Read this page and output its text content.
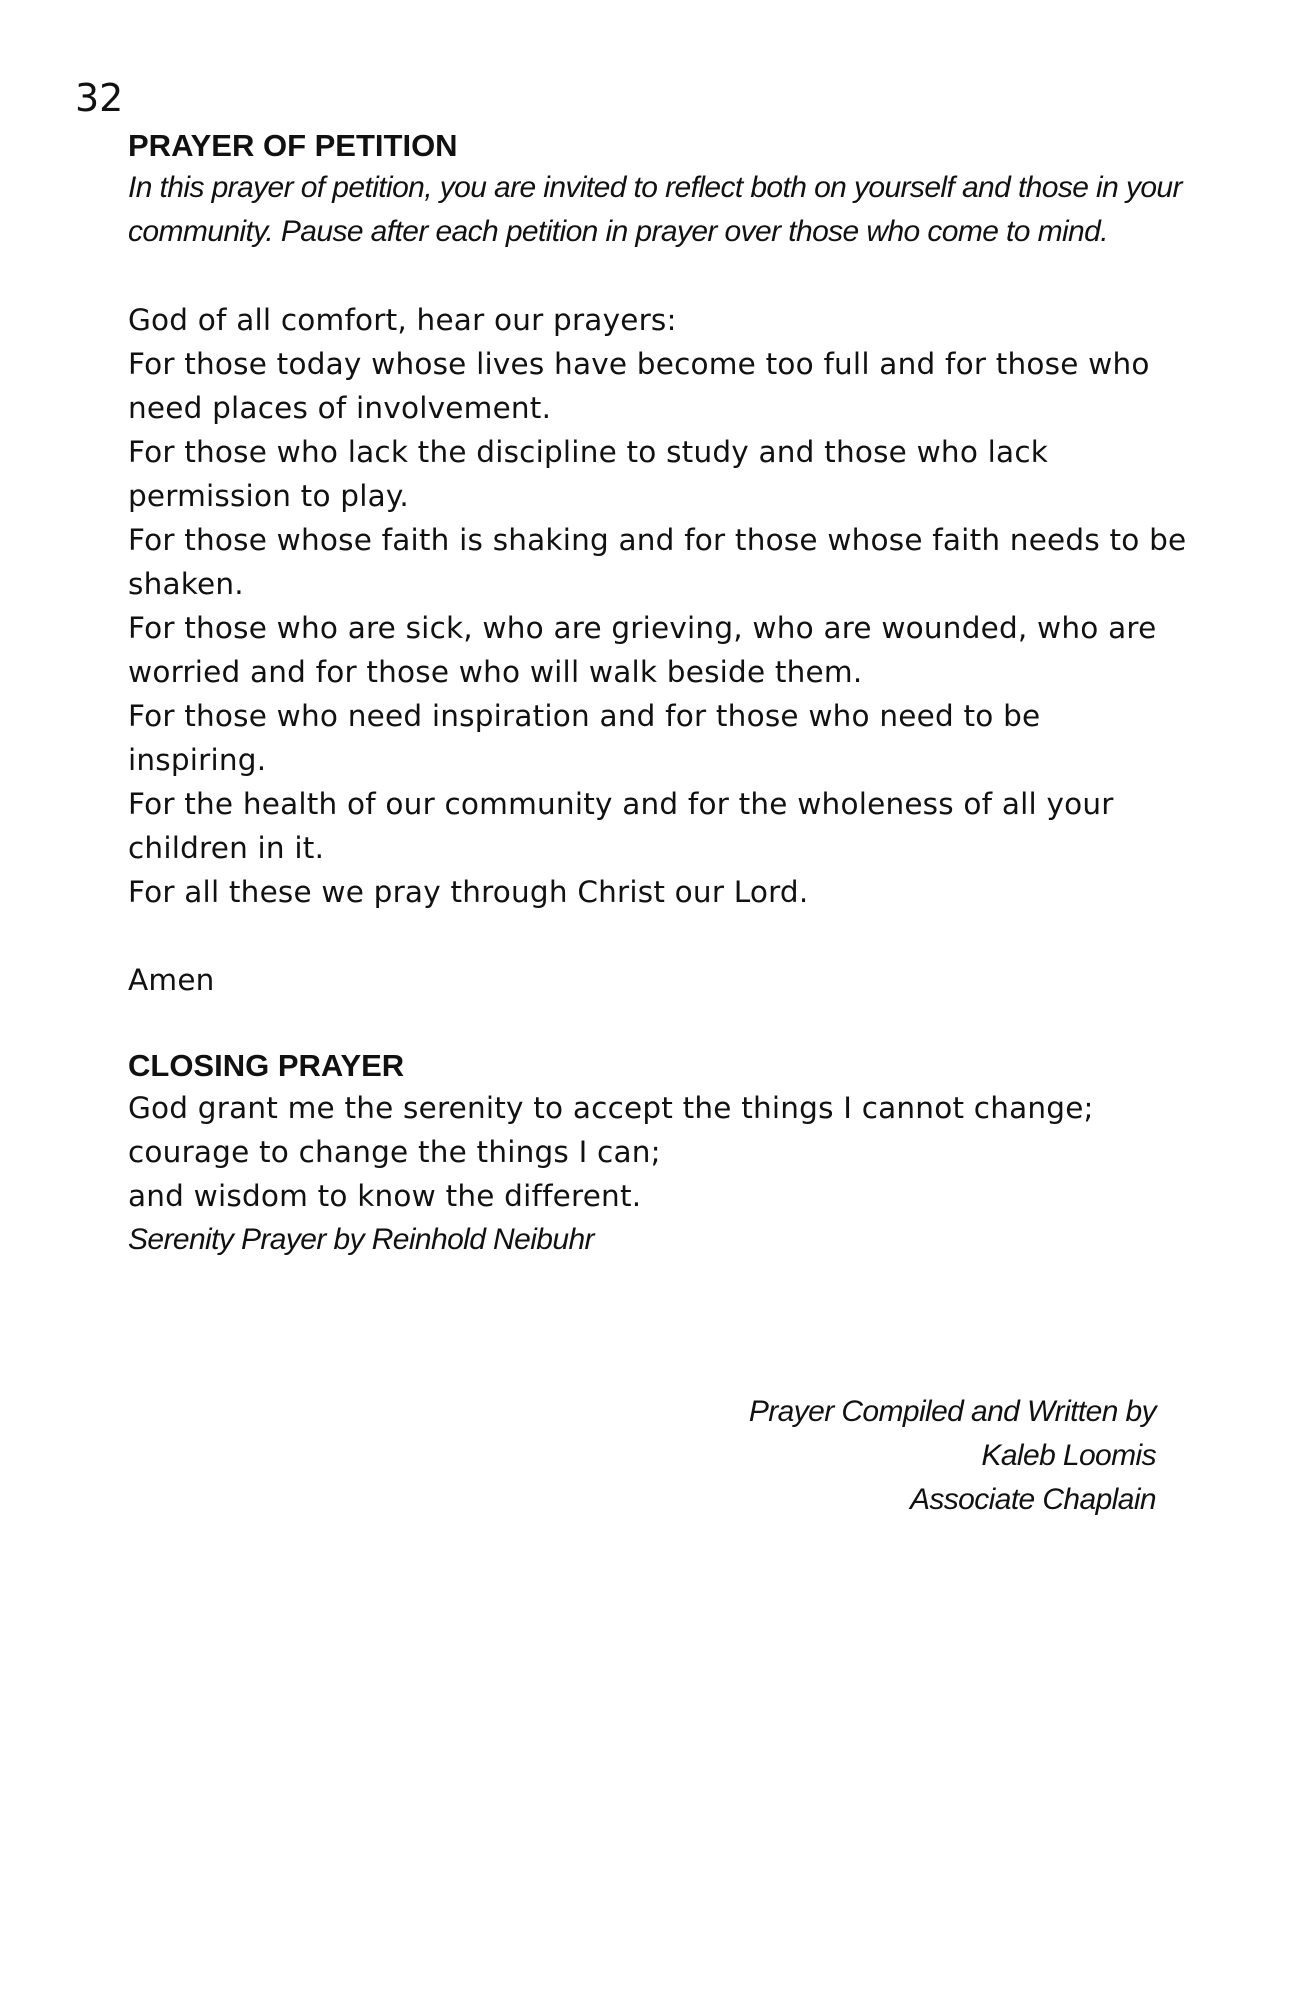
32
PRAYER OF PETITION

In this prayer of petition, you are invited to reflect both on yourself and those in your community. Pause after each petition in prayer over those who come to mind.

God of all comfort, hear our prayers:

For those today whose lives have become too full and for those who need places of involvement.

For those who lack the discipline to study and those who lack permission to play.

For those whose faith is shaking and for those whose faith needs to be shaken.

For those who are sick, who are grieving, who are wounded, who are worried and for those who will walk beside them.

For those who need inspiration and for those who need to be inspiring.

For the health of our community and for the wholeness of all your children in it.

For all these we pray through Christ our Lord.

Amen

CLOSING PRAYER

God grant me the serenity to accept the things I cannot change;

courage to change the things I can;

and wisdom to know the different.

Serenity Prayer by Reinhold Neibuhr

Prayer Compiled and Written by
Kaleb Loomis
Associate Chaplain
